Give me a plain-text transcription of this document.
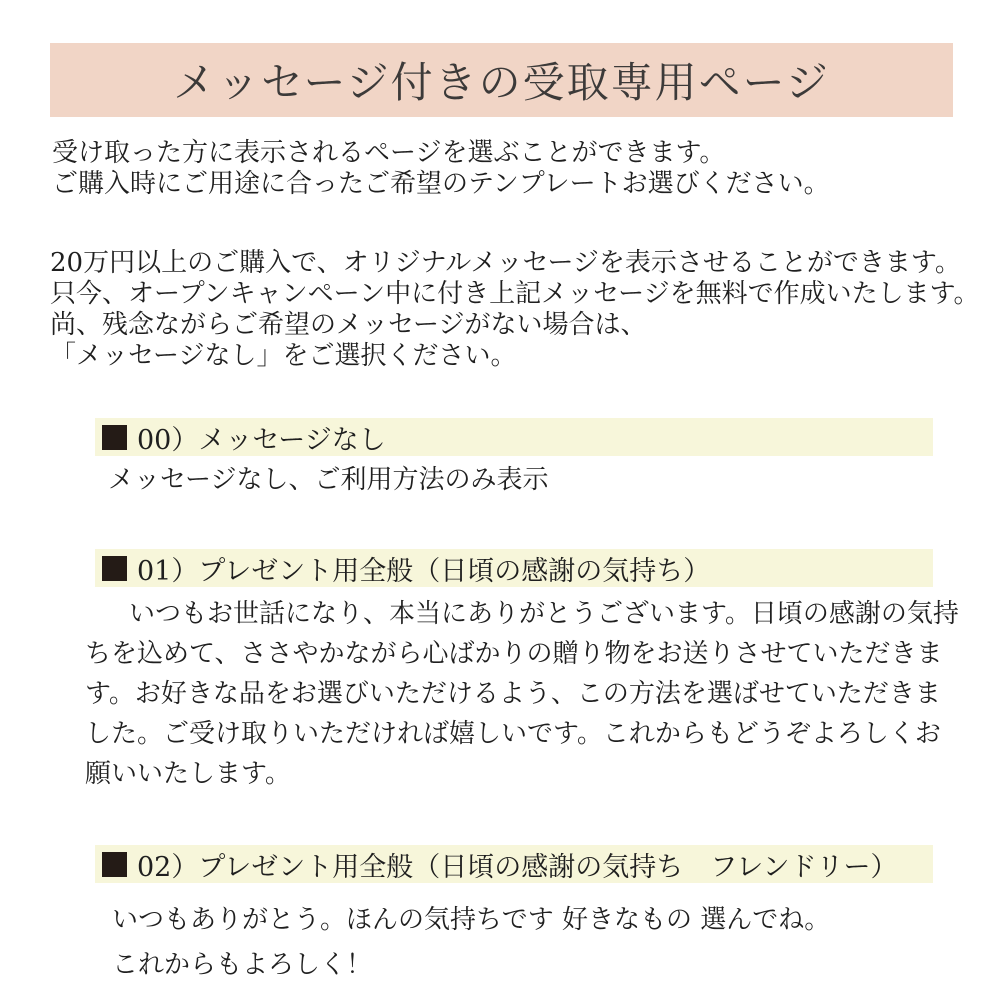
メッセージ付きの受取専用ページ
受け取った方に表示されるページを選ぶことができます。
ご購入時にご用途に合ったご希望のテンプレートお選びください。
20万円以上のご購入で、オリジナルメッセージを表示させることができます。
只今、オープンキャンペーン中に付き上記メッセージを無料で作成いたします。
尚、残念ながらご希望のメッセージがない場合は、
「メッセージなし」をご選択ください。
00）メッセージなし
メッセージなし、ご利用方法のみ表示
01）プレゼント用全般（日頃の感謝の気持ち）
いつもお世話になり、本当にありがとうございます。日頃の感謝の気持
ちを込めて、ささやかながら心ばかりの贈り物をお送りさせていただきま
す。お好きな品をお選びいただけるよう、この方法を選ばせていただきま
した。ご受け取りいただければ嬉しいです。これからもどうぞよろしくお
願いいたします。
02）プレゼント用全般（日頃の感謝の気持ち　フレンドリー）
いつもありがとう。ほんの気持ちです 好きなもの 選んでね。
これからもよろしく！
